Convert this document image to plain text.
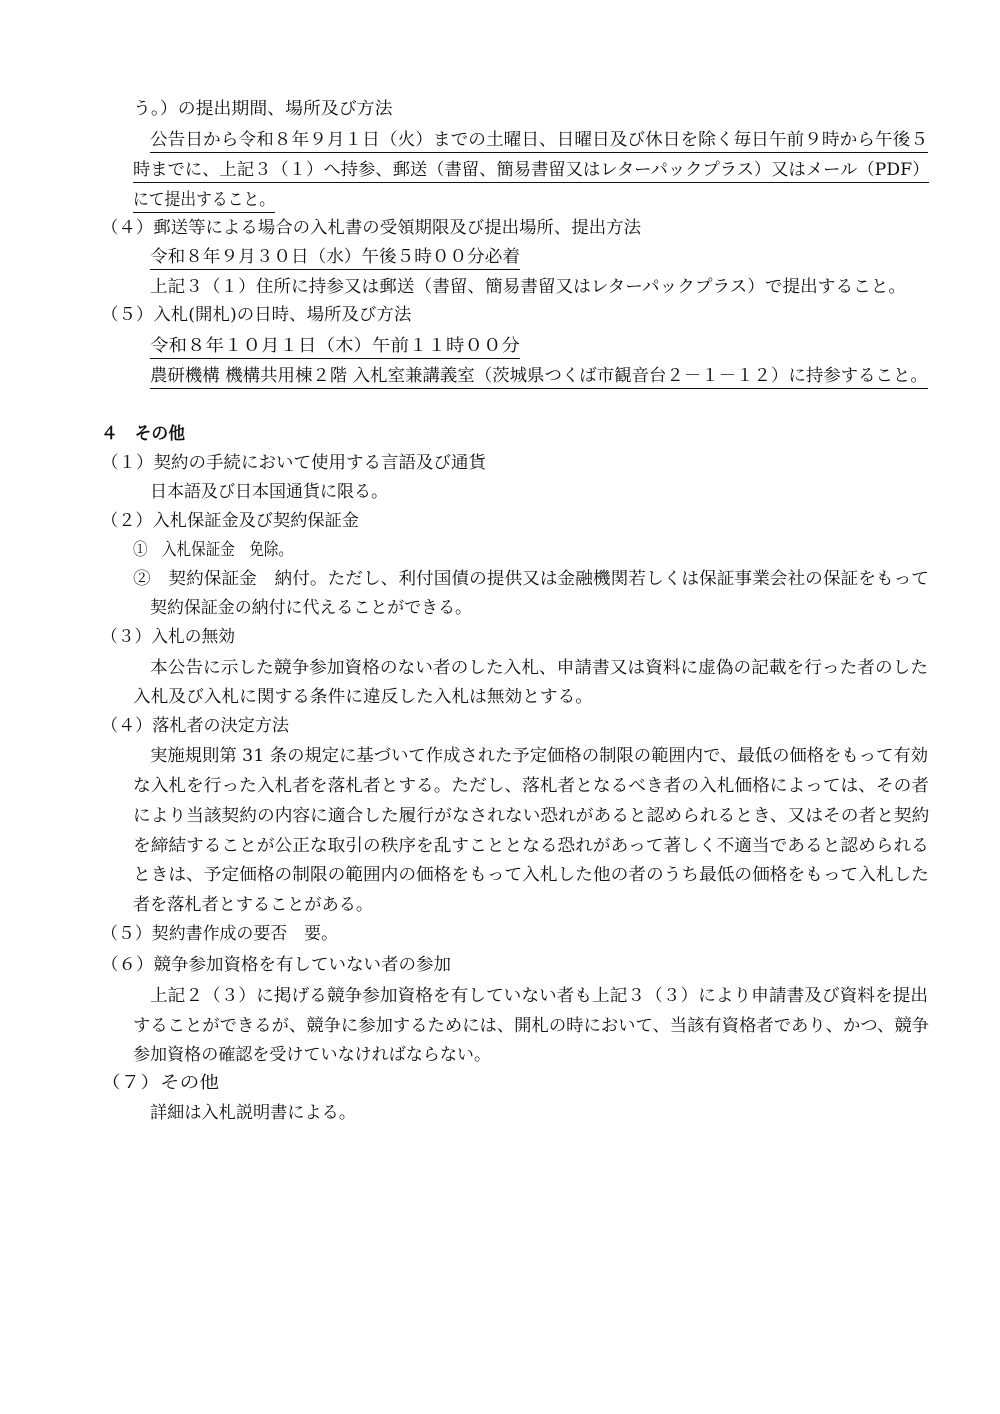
う。）の提出期間、場所及び方法
公告日から令和８年９月１日（火）までの土曜日、日曜日及び休日を除く毎日午前９時から午後５
時までに、上記３（１）へ持参、郵送（書留、簡易書留又はレターパックプラス）又はメール（PDF）
にて提出すること。
（４）郵送等による場合の入札書の受領期限及び提出場所、提出方法
令和８年９月３０日（水）午後５時００分必着
上記３（１）住所に持参又は郵送（書留、簡易書留又はレターパックプラス）で提出すること。
（５）入札(開札)の日時、場所及び方法
令和８年１０月１日（木）午前１１時００分
農研機構 機構共用棟２階 入札室兼講義室（茨城県つくば市観音台２－１－１２）に持参すること。
４　その他
（１）契約の手続において使用する言語及び通貨
日本語及び日本国通貨に限る。
（２）入札保証金及び契約保証金
①　入札保証金　免除。
②　契約保証金　納付。ただし、利付国債の提供又は金融機関若しくは保証事業会社の保証をもって
契約保証金の納付に代えることができる。
（３）入札の無効
本公告に示した競争参加資格のない者のした入札、申請書又は資料に虚偽の記載を行った者のした
入札及び入札に関する条件に違反した入札は無効とする。
（４）落札者の決定方法
実施規則第 31 条の規定に基づいて作成された予定価格の制限の範囲内で、最低の価格をもって有効
な入札を行った入札者を落札者とする。ただし、落札者となるべき者の入札価格によっては、その者
により当該契約の内容に適合した履行がなされない恐れがあると認められるとき、又はその者と契約
を締結することが公正な取引の秩序を乱すこととなる恐れがあって著しく不適当であると認められる
ときは、予定価格の制限の範囲内の価格をもって入札した他の者のうち最低の価格をもって入札した
者を落札者とすることがある。
（５）契約書作成の要否　要。
（６）競争参加資格を有していない者の参加
上記２（３）に掲げる競争参加資格を有していない者も上記３（３）により申請書及び資料を提出
することができるが、競争に参加するためには、開札の時において、当該有資格者であり、かつ、競争
参加資格の確認を受けていなければならない。
（７）その他
詳細は入札説明書による。
